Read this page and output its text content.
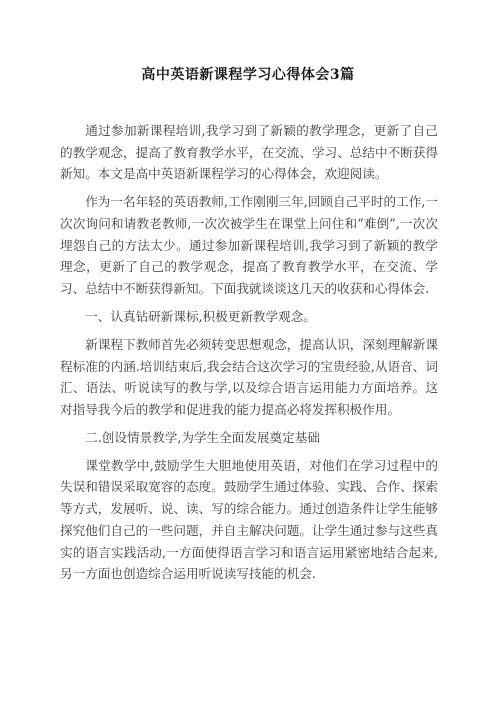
高中英语新课程学习心得体会3篇

通过参加新课程培训,我学习到了新颖的教学理念，更新了自己的教学观念，提高了教育教学水平，在交流、学习、总结中不断获得新知。本文是高中英语新课程学习的心得体会，欢迎阅读。

作为一名年轻的英语教师,工作刚刚三年,回顾自己平时的工作,一次次询问和请教老教师,一次次被学生在课堂上问住和“难倒”,一次次埋怨自己的方法太少。通过参加新课程培训,我学习到了新颖的教学理念，更新了自己的教学观念，提高了教育教学水平，在交流、学习、总结中不断获得新知。下面我就谈谈这几天的收获和心得体会.

一、认真钻研新课标,积极更新教学观念。

新课程下教师首先必须转变思想观念，提高认识，深刻理解新课程标准的内涵.培训结束后,我会结合这次学习的宝贵经验,从语音、词汇、语法、听说读写的教与学,以及综合语言运用能力方面培养。这对指导我今后的教学和促进我的能力提高必将发挥积极作用。

二.创设情景教学,为学生全面发展奠定基础

课堂教学中,鼓励学生大胆地使用英语，对他们在学习过程中的失误和错误采取宽容的态度。鼓励学生通过体验、实践、合作、探索等方式，发展听、说、读、写的综合能力。通过创造条件让学生能够探究他们自己的一些问题，并自主解决问题。让学生通过参与这些真实的语言实践活动,一方面使得语言学习和语言运用紧密地结合起来,另一方面也创造综合运用听说读写技能的机会.
